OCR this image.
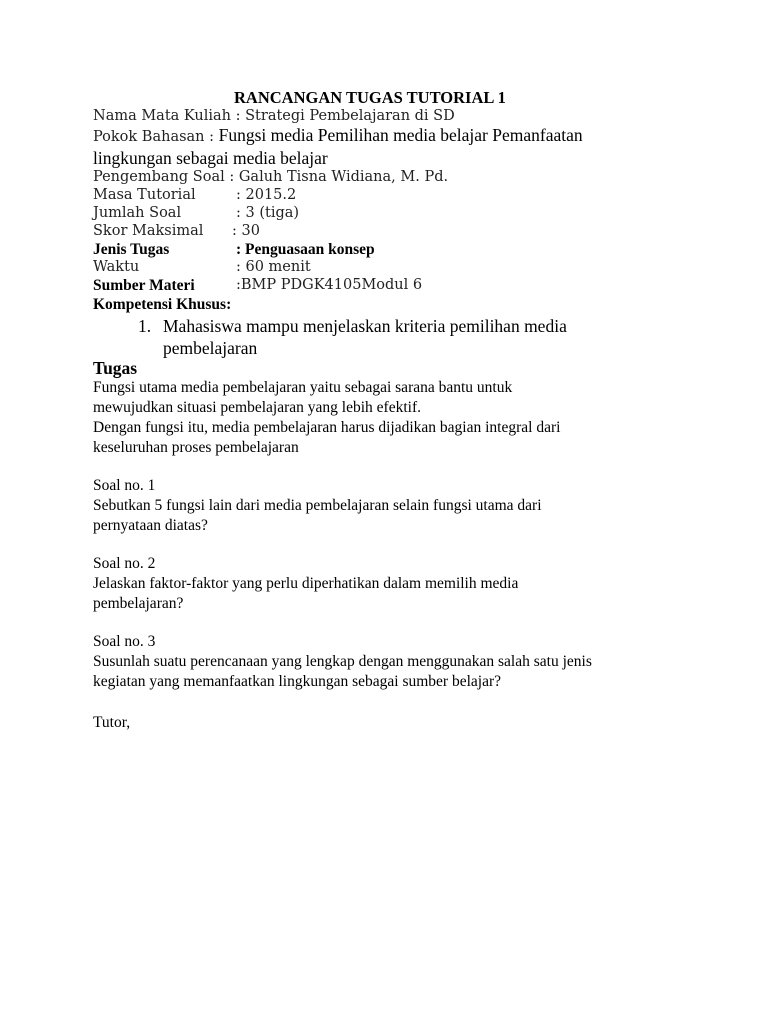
RANCANGAN TUGAS TUTORIAL 1
Nama Mata Kuliah : Strategi Pembelajaran di SD
Pokok Bahasan : Fungsi media Pemilihan media belajar Pemanfaatan
lingkungan sebagai media belajar
Pengembang Soal : Galuh Tisna Widiana, M. Pd.
Masa Tutorial	: 2015.2
Jumlah Soal	: 3 (tiga)
Skor Maksimal : 30
Jenis Tugas	: Penguasaan konsep
Waktu	: 60 menit
Sumber Materi	:BMP PDGK4105Modul 6
Kompetensi Khusus:
1. Mahasiswa mampu menjelaskan kriteria pemilihan media
pembelajaran
Tugas
Fungsi utama media pembelajaran yaitu sebagai sarana bantu untuk
mewujudkan situasi pembelajaran yang lebih efektif.
Dengan fungsi itu, media pembelajaran harus dijadikan bagian integral dari
keseluruhan proses pembelajaran
Soal no. 1
Sebutkan 5 fungsi lain dari media pembelajaran selain fungsi utama dari
pernyataan diatas?
Soal no. 2
Jelaskan faktor-faktor yang perlu diperhatikan dalam memilih media
pembelajaran?
Soal no. 3
Susunlah suatu perencanaan yang lengkap dengan menggunakan salah satu jenis
kegiatan yang memanfaatkan lingkungan sebagai sumber belajar?
Tutor,
